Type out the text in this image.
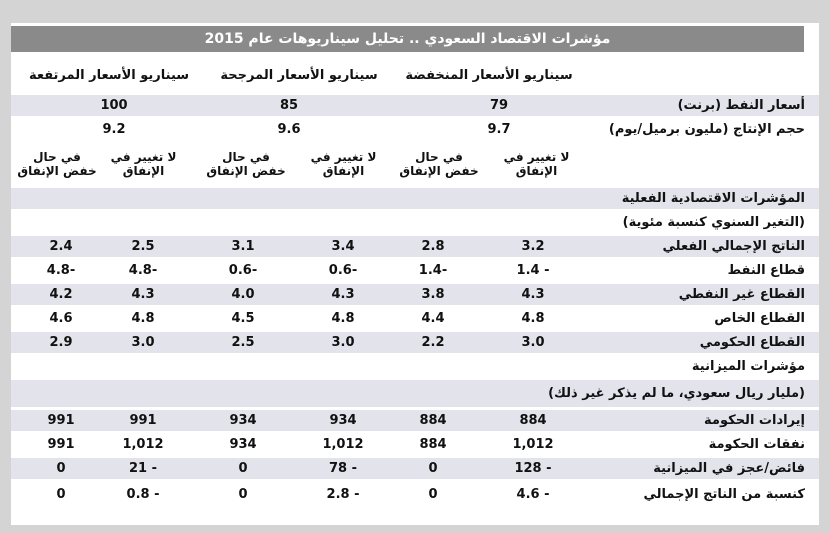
مؤشرات الاقتصاد السعودي .. تحليل سيناريوهات عام 2015
سيناريو الأسعار المنخفضة
سيناريو الأسعار المرجحة
سيناريو الأسعار المرتفعة
أسعار النفط (برنت)
79
85
100
حجم الإنتاج (مليون برميل/يوم)
9.7
9.6
9.2
لا تغيير في الإنفاق
في حال خفض الإنفاق
لا تغيير في الإنفاق
في حال خفض الإنفاق
لا تغيير في الإنفاق
في حال خفض الإنفاق
المؤشرات الاقتصادية الفعلية
(التغير السنوي كنسبة مئوية)
الناتج الإجمالي الفعلي
3.2
2.8
3.4
3.1
2.5
2.4
قطاع النفط
- 1.4
-1.4
-0.6
-0.6
-4.8
-4.8
القطاع غير النفطي
4.3
3.8
4.3
4.0
4.3
4.2
القطاع الخاص
4.8
4.4
4.8
4.5
4.8
4.6
القطاع الحكومي
3.0
2.2
3.0
2.5
3.0
2.9
مؤشرات الميزانية
(مليار ريال سعودي، ما لم يذكر غير ذلك)
إيرادات الحكومة
884
884
934
934
991
991
نفقات الحكومة
1,012
884
1,012
934
1,012
991
فائض/عجز في الميزانية
- 128
0
- 78
0
- 21
0
كنسبة من الناتج الإجمالي
- 4.6
0
- 2.8
0
- 0.8
0
